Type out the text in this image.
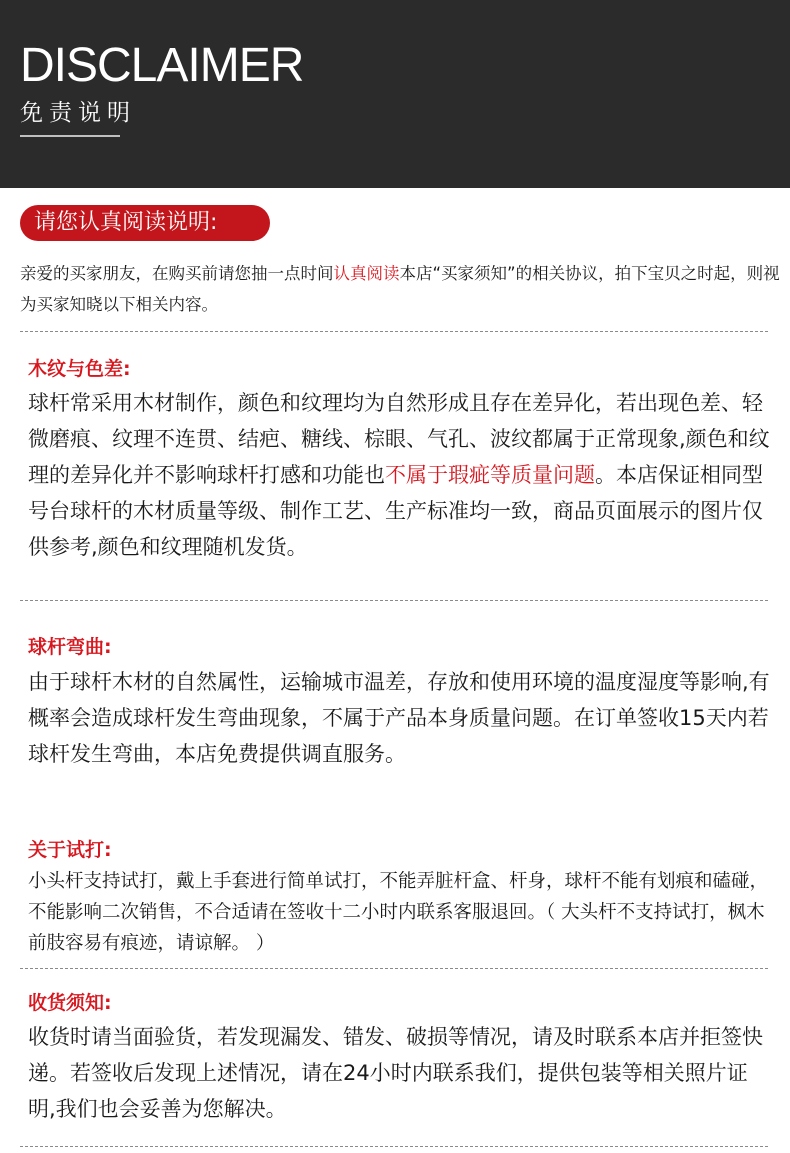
DISCLAIMER
免责说明
请您认真阅读说明:
亲爱的买家朋友，在购买前请您抽一点时间认真阅读本店“买家须知”的相关协议，拍下宝贝之时起，则视为买家知晓以下相关内容。
木纹与色差:
球杆常采用木材制作，颜色和纹理均为自然形成且存在差异化，若出现色差、轻微磨痕、纹理不连贯、结疤、糖线、棕眼、气孔、波纹都属于正常现象,颜色和纹理的差异化并不影响球杆打感和功能也不属于瑕疵等质量问题。本店保证相同型号台球杆的木材质量等级、制作工艺、生产标准均一致，商品页面展示的图片仅供参考,颜色和纹理随机发货。
球杆弯曲:
由于球杆木材的自然属性，运输城市温差，存放和使用环境的温度湿度等影响,有概率会造成球杆发生弯曲现象，不属于产品本身质量问题。在订单签收15天内若球杆发生弯曲，本店免费提供调直服务。
关于试打:
小头杆支持试打，戴上手套进行简单试打，不能弄脏杆盒、杆身，球杆不能有划痕和磕碰，不能影响二次销售，不合适请在签收十二小时内联系客服退回。（ 大头杆不支持试打，枫木前肢容易有痕迹，请谅解。 ）
收货须知:
收货时请当面验货，若发现漏发、错发、破损等情况，请及时联系本店并拒签快递。若签收后发现上述情况，请在24小时内联系我们，提供包装等相关照片证明,我们也会妥善为您解决。
